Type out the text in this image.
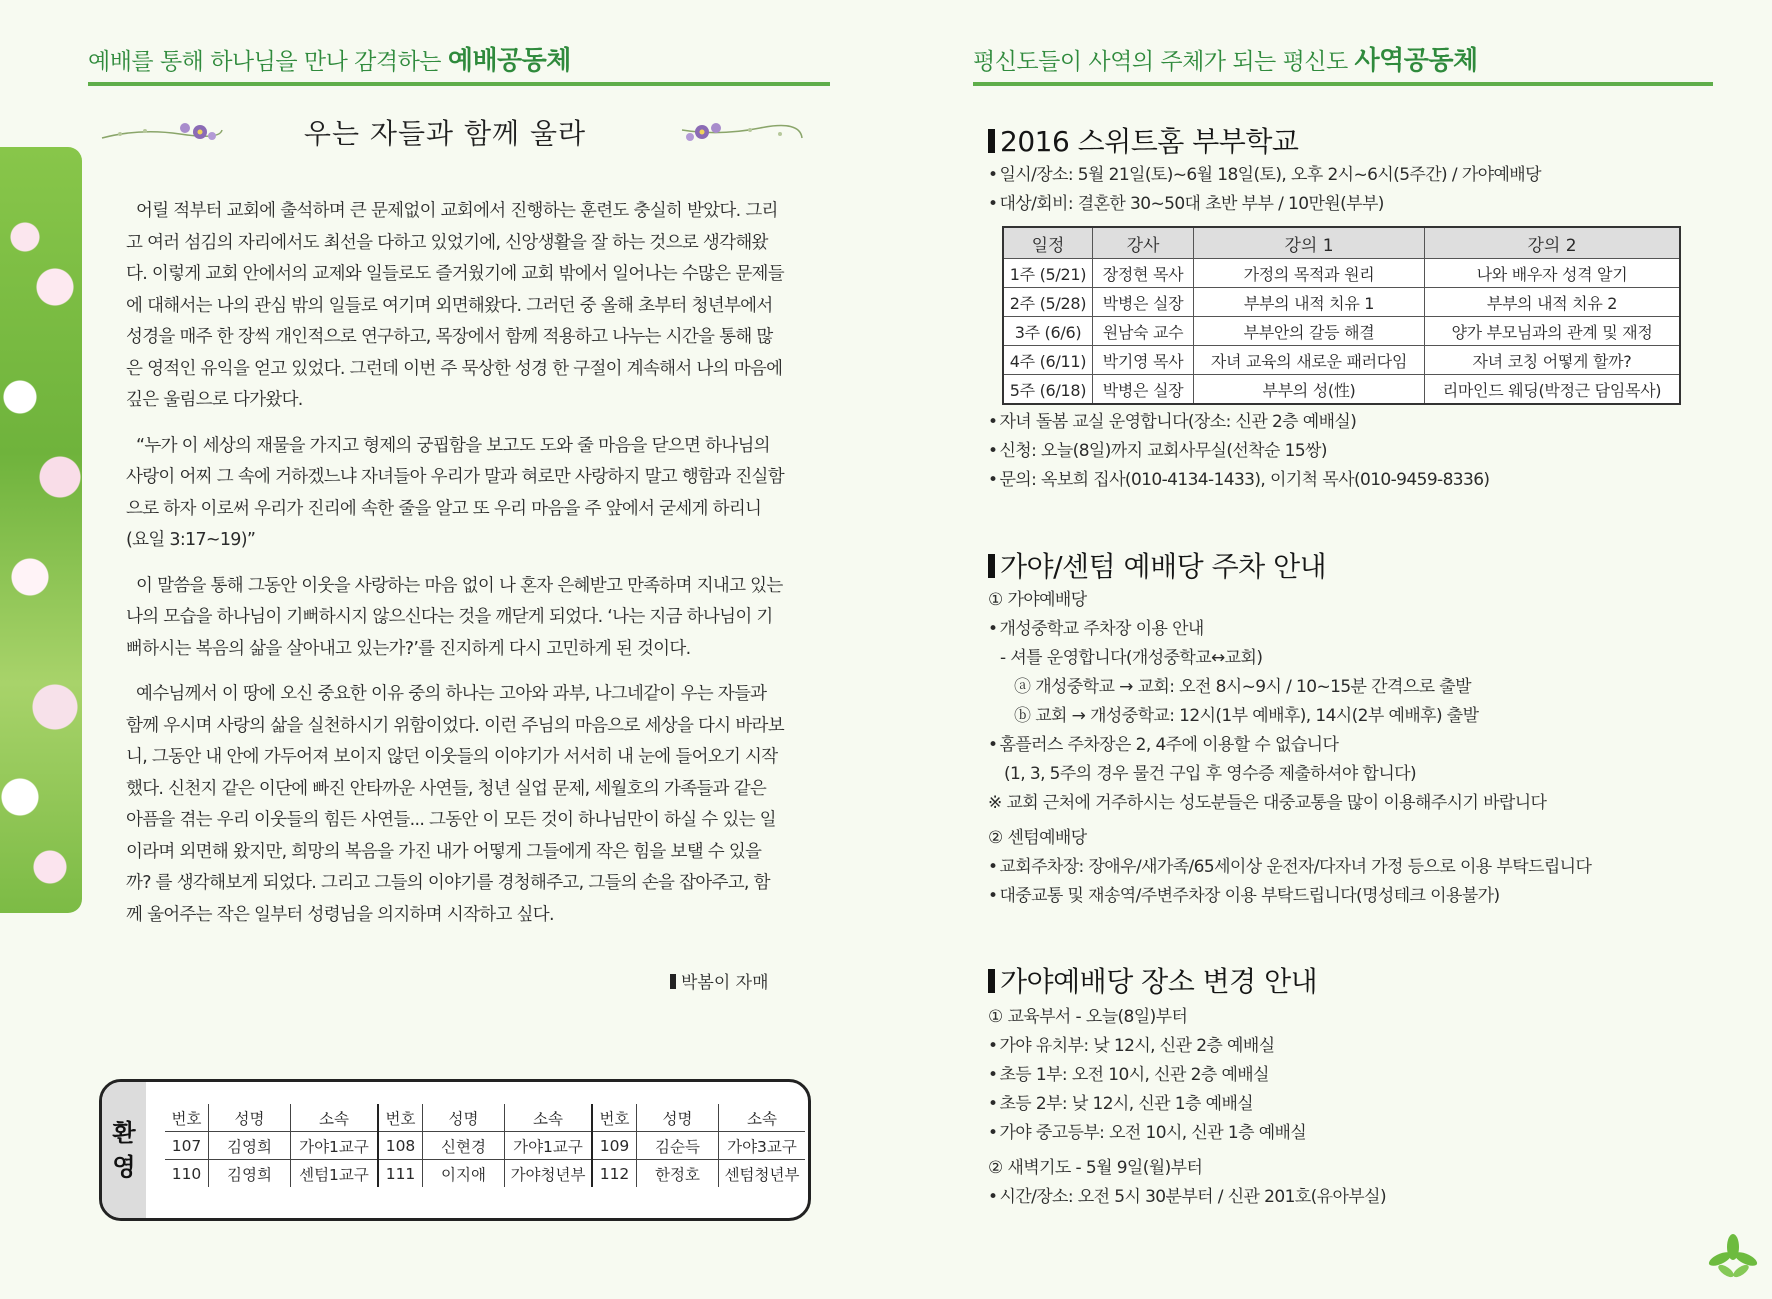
예배를 통해 하나님을 만나 감격하는 예배공동체
우는 자들과 함께 울라

어릴 적부터 교회에 출석하며 큰 문제없이 교회에서 진행하는 훈련도 충실히 받았다. 그리고 여러 섬김의 자리에서도 최선을 다하고 있었기에, 신앙생활을 잘 하는 것으로 생각해왔다. 이렇게 교회 안에서의 교제와 일들로도 즐거웠기에 교회 밖에서 일어나는 수많은 문제들에 대해서는 나의 관심 밖의 일들로 여기며 외면해왔다. 그러던 중 올해 초부터 청년부에서 성경을 매주 한 장씩 개인적으로 연구하고, 목장에서 함께 적용하고 나누는 시간을 통해 많은 영적인 유익을 얻고 있었다. 그런데 이번 주 묵상한 성경 한 구절이 계속해서 나의 마음에 깊은 울림으로 다가왔다.

“누가 이 세상의 재물을 가지고 형제의 궁핍함을 보고도 도와 줄 마음을 닫으면 하나님의 사랑이 어찌 그 속에 거하겠느냐 자녀들아 우리가 말과 혀로만 사랑하지 말고 행함과 진실함으로 하자 이로써 우리가 진리에 속한 줄을 알고 또 우리 마음을 주 앞에서 굳세게 하리니 (요일 3:17~19)”

이 말씀을 통해 그동안 이웃을 사랑하는 마음 없이 나 혼자 은혜받고 만족하며 지내고 있는 나의 모습을 하나님이 기뻐하시지 않으신다는 것을 깨닫게 되었다. ‘나는 지금 하나님이 기뻐하시는 복음의 삶을 살아내고 있는가?’를 진지하게 다시 고민하게 된 것이다.

예수님께서 이 땅에 오신 중요한 이유 중의 하나는 고아와 과부, 나그네같이 우는 자들과 함께 우시며 사랑의 삶을 실천하시기 위함이었다. 이런 주님의 마음으로 세상을 다시 바라보니, 그동안 내 안에 가두어져 보이지 않던 이웃들의 이야기가 서서히 내 눈에 들어오기 시작했다. 신천지 같은 이단에 빠진 안타까운 사연들, 청년 실업 문제, 세월호의 가족들과 같은 아픔을 겪는 우리 이웃들의 힘든 사연들... 그동안 이 모든 것이 하나님만이 하실 수 있는 일이라며 외면해 왔지만, 희망의 복음을 가진 내가 어떻게 그들에게 작은 힘을 보탤 수 있을까? 를 생각해보게 되었다. 그리고 그들의 이야기를 경청해주고, 그들의 손을 잡아주고, 함께 울어주는 작은 일부터 성령님을 의지하며 시작하고 싶다.

박봄이 자매
환
영
번호	성명	소속	번호	성명	소속	번호	성명	소속
107	김영희	가야1교구	108	신현경	가야1교구	109	김순득	가야3교구
110	김영희	센텀1교구	111	이지애	가야청년부	112	한정호	센텀청년부
평신도들이 사역의 주체가 되는 평신도 사역공동체
2016 스위트홈 부부학교
• 일시/장소: 5월 21일(토)~6월 18일(토), 오후 2시~6시(5주간) / 가야예배당
• 대상/회비: 결혼한 30~50대 초반 부부 / 10만원(부부)
일정	강사	강의 1	강의 2
1주 (5/21)	장정현 목사	가정의 목적과 원리	나와 배우자 성격 알기
2주 (5/28)	박병은 실장	부부의 내적 치유 1	부부의 내적 치유 2
3주 (6/6)	원남숙 교수	부부안의 갈등 해결	양가 부모님과의 관계 및 재정
4주 (6/11)	박기영 목사	자녀 교육의 새로운 패러다임	자녀 코칭 어떻게 할까?
5주 (6/18)	박병은 실장	부부의 성(性)	리마인드 웨딩(박정근 담임목사)
• 자녀 돌봄 교실 운영합니다(장소: 신관 2층 예배실)
• 신청: 오늘(8일)까지 교회사무실(선착순 15쌍)
• 문의: 옥보희 집사(010-4134-1433), 이기척 목사(010-9459-8336)
가야/센텀 예배당 주차 안내
① 가야예배당
• 개성중학교 주차장 이용 안내
- 셔틀 운영합니다(개성중학교↔교회)
ⓐ 개성중학교 → 교회: 오전 8시~9시 / 10~15분 간격으로 출발
ⓑ 교회 → 개성중학교: 12시(1부 예배후), 14시(2부 예배후) 출발
• 홈플러스 주차장은 2, 4주에 이용할 수 없습니다
(1, 3, 5주의 경우 물건 구입 후 영수증 제출하셔야 합니다)
※ 교회 근처에 거주하시는 성도분들은 대중교통을 많이 이용해주시기 바랍니다
② 센텀예배당
• 교회주차장: 장애우/새가족/65세이상 운전자/다자녀 가정 등으로 이용 부탁드립니다
• 대중교통 및 재송역/주변주차장 이용 부탁드립니다(명성테크 이용불가)
가야예배당 장소 변경 안내
① 교육부서 - 오늘(8일)부터
• 가야 유치부: 낮 12시, 신관 2층 예배실
• 초등 1부: 오전 10시, 신관 2층 예배실
• 초등 2부: 낮 12시, 신관 1층 예배실
• 가야 중고등부: 오전 10시, 신관 1층 예배실
② 새벽기도 - 5월 9일(월)부터
• 시간/장소: 오전 5시 30분부터 / 신관 201호(유아부실)
